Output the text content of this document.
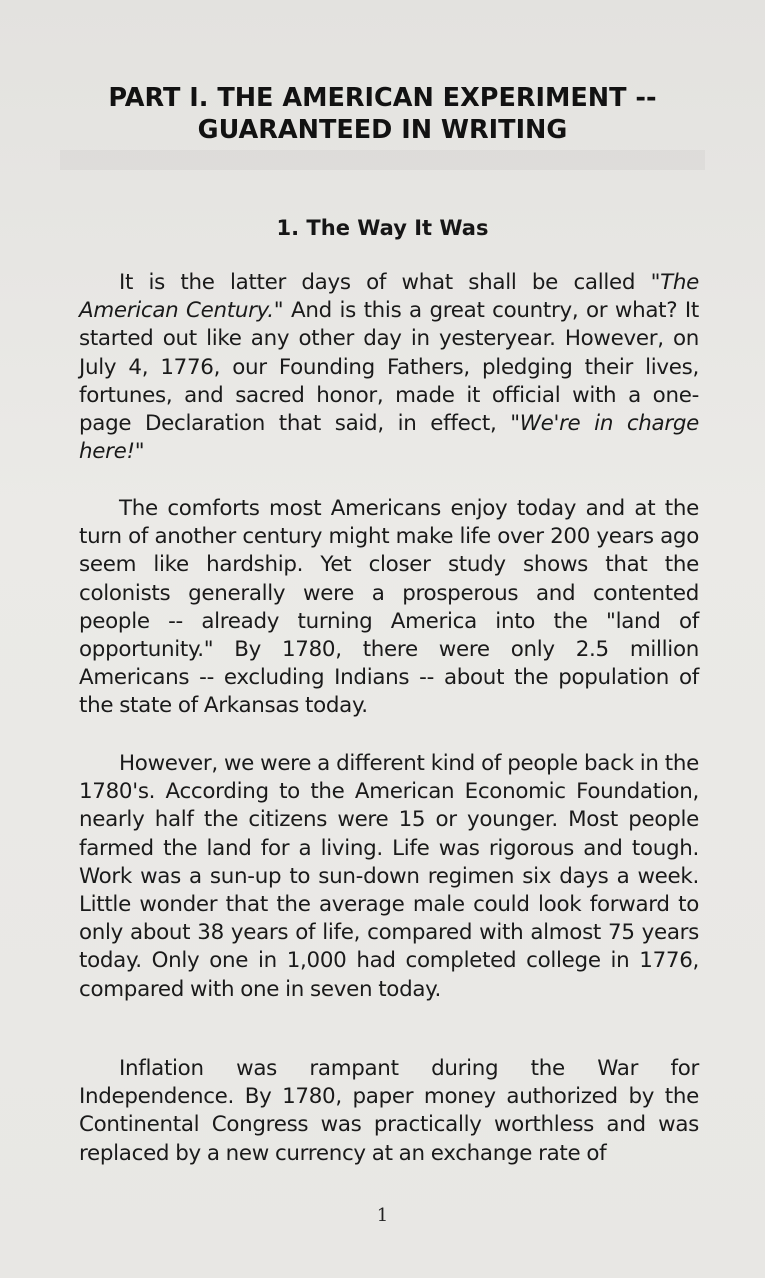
PART I. THE AMERICAN EXPERIMENT --
GUARANTEED IN WRITING
1. The Way It Was

It is the latter days of what shall be called "The American Century." And is this a great country, or what? It started out like any other day in yesteryear. However, on July 4, 1776, our Founding Fathers, pledging their lives, fortunes, and sacred honor, made it official with a one-page Declaration that said, in effect, "We're in charge here!"

The comforts most Americans enjoy today and at the turn of another century might make life over 200 years ago seem like hardship. Yet closer study shows that the colonists generally were a prosperous and contented people -- already turning America into the "land of opportunity." By 1780, there were only 2.5 million Americans -- excluding Indians -- about the population of the state of Arkansas today.

However, we were a different kind of people back in the 1780's. According to the American Economic Foundation, nearly half the citizens were 15 or younger. Most people farmed the land for a living. Life was rigorous and tough. Work was a sun-up to sun-down regimen six days a week. Little wonder that the average male could look forward to only about 38 years of life, compared with almost 75 years today. Only one in 1,000 had completed college in 1776, compared with one in seven today.

Inflation was rampant during the War for Independence. By 1780, paper money authorized by the Continental Congress was practically worthless and was replaced by a new currency at an exchange rate of

1
